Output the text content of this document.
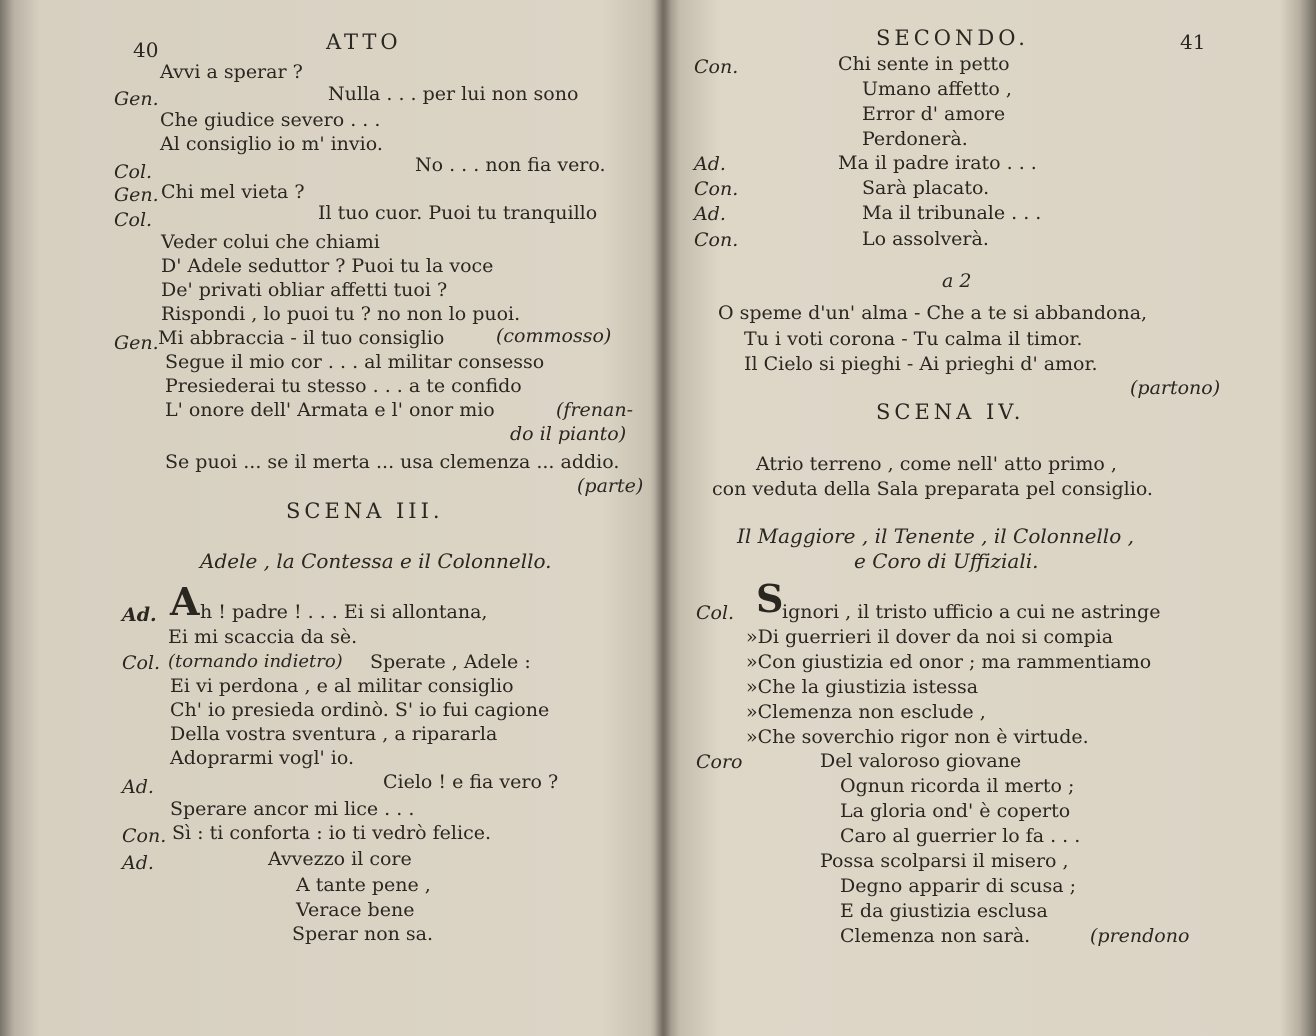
40	ATTO
Avvi a sperar ?
Gen.	Nulla . . . per lui non sono
Che giudice severo . . .
Al consiglio io m' invio.
Col.	No . . . non fia vero.
Gen. Chi mel vieta ?
Col.	Il tuo cuor. Puoi tu tranquillo
Veder colui che chiami
D' Adele seduttor ? Puoi tu la voce
De' privati obliar affetti tuoi ?
Rispondi , lo puoi tu ? no non lo puoi.
Gen. Mi abbraccia - il tuo consiglio	(commosso)
Segue il mio cor . . . al militar consesso
Presiederai tu stesso . . . a te confido
L' onore dell' Armata e l' onor mio	(frenan-
do il pianto)
Se puoi ... se il merta ... usa clemenza ... addio.
(parte)
SCENA III.
Adele , la Contessa e il Colonnello.
Ad. A h ! padre ! . . . Ei si allontana,
Ei mi scaccia da sè.
Col. (tornando indietro) Sperate , Adele :
Ei vi perdona , e al militar consiglio
Ch' io presieda ordinò. S' io fui cagione
Della vostra sventura , a ripararla
Adoprarmi vogl' io.
Ad.	Cielo ! e fia vero ?
Sperare ancor mi lice . . .
Con. Sì : ti conforta : io ti vedrò felice.
Ad.	Avvezzo il core
A tante pene ,
Verace bene
Sperar non sa.
SECONDO.	41
Con.	Chi sente in petto
Umano affetto ,
Error d' amore
Perdonerà.
Ad.	Ma il padre irato . . .
Con.	Sarà placato.
Ad.	Ma il tribunale . . .
Con.	Lo assolverà.
a 2
O speme d'un' alma - Che a te si abbandona,
Tu i voti corona - Tu calma il timor.
Il Cielo si pieghi - Ai prieghi d' amor.
(partono)
SCENA IV.
Atrio terreno , come nell' atto primo ,
con veduta della Sala preparata pel consiglio.
Il Maggiore , il Tenente , il Colonnello ,
e Coro di Uffiziali.
Col. S
ignori , il tristo ufficio a cui ne astringe
»Di guerrieri il dover da noi si compia
»Con giustizia ed onor ; ma rammentiamo
»Che la giustizia istessa
»Clemenza non esclude ,
»Che soverchio rigor non è virtude.
Coro	Del valoroso giovane
Ognun ricorda il merto ;
La gloria ond' è coperto
Caro al guerrier lo fa . . .
Possa scolparsi il misero ,
Degno apparir di scusa ;
E da giustizia esclusa
Clemenza non sarà.	(prendono
